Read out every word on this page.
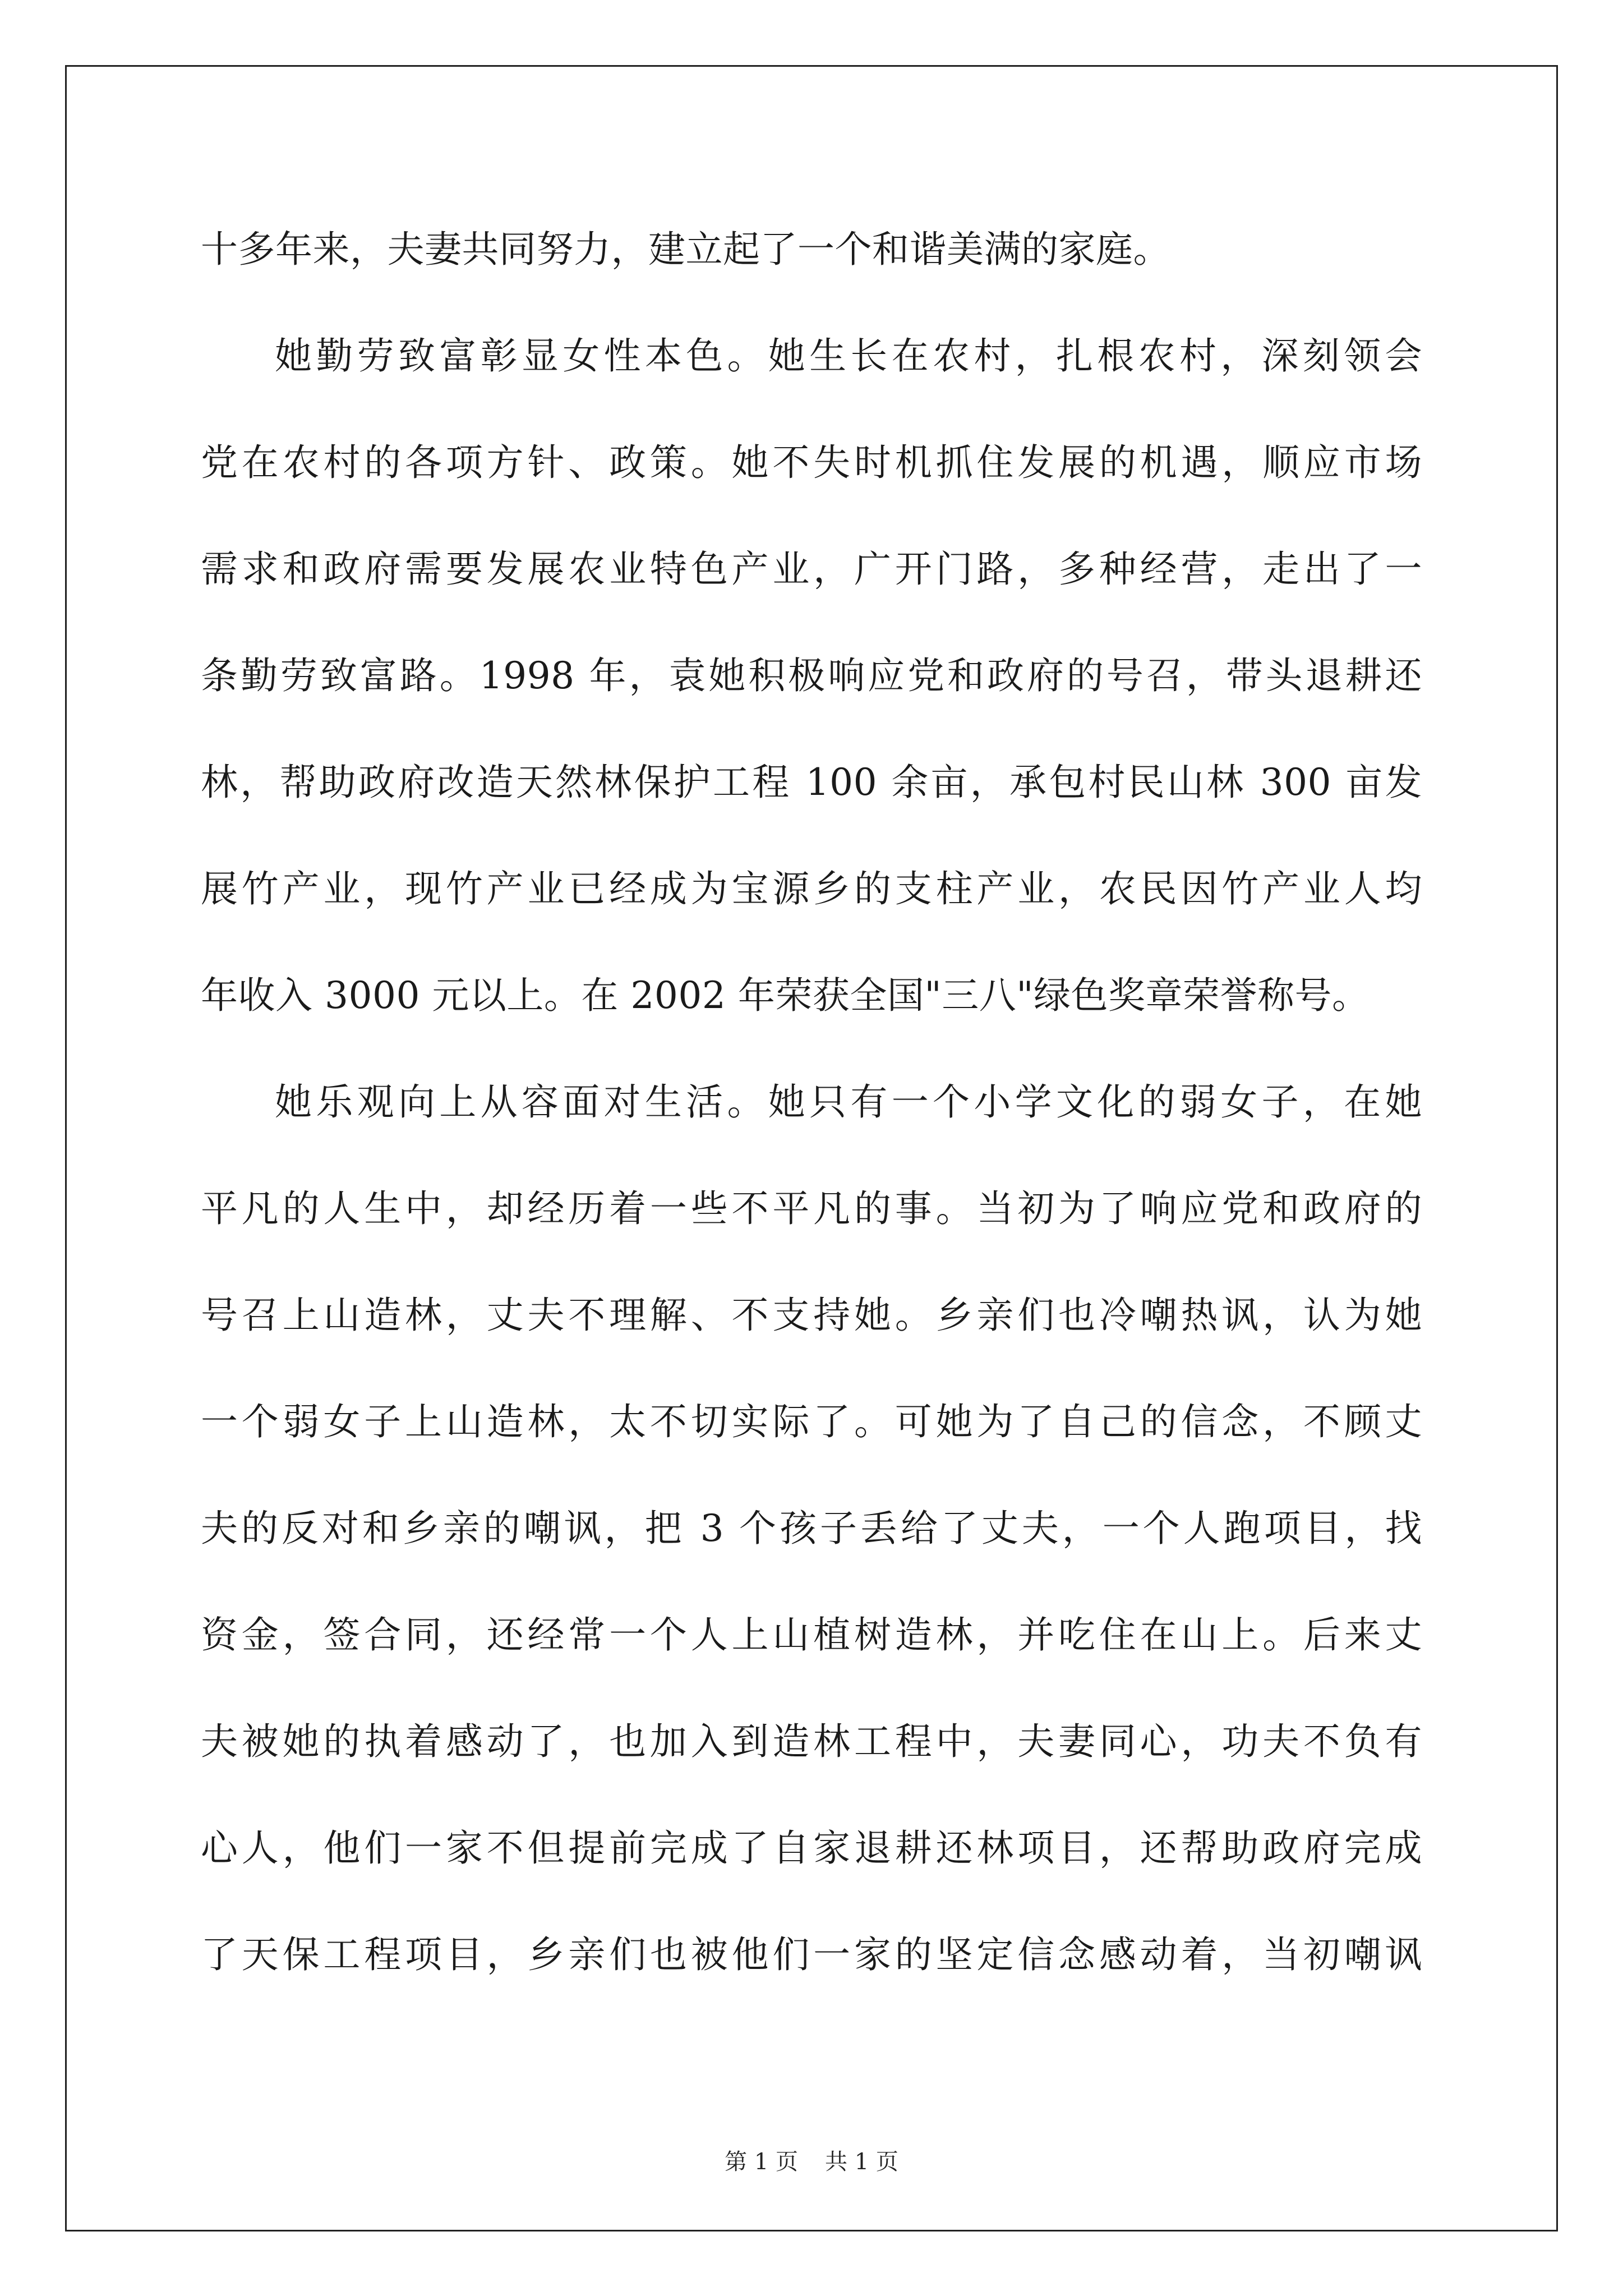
十多年来，夫妻共同努力，建立起了一个和谐美满的家庭。
她勤劳致富彰显女性本色。她生长在农村，扎根农村，深刻领会
党在农村的各项方针、政策。她不失时机抓住发展的机遇，顺应市场
需求和政府需要发展农业特色产业，广开门路，多种经营，走出了一
条勤劳致富路。1998 年，袁她积极响应党和政府的号召，带头退耕还
林，帮助政府改造天然林保护工程 100 余亩，承包村民山林 300 亩发
展竹产业，现竹产业已经成为宝源乡的支柱产业，农民因竹产业人均
年收入 3000 元以上。在 2002 年荣获全国"三八"绿色奖章荣誉称号。
她乐观向上从容面对生活。她只有一个小学文化的弱女子，在她
平凡的人生中，却经历着一些不平凡的事。当初为了响应党和政府的
号召上山造林，丈夫不理解、不支持她。乡亲们也冷嘲热讽，认为她
一个弱女子上山造林，太不切实际了。可她为了自己的信念，不顾丈
夫的反对和乡亲的嘲讽，把 3 个孩子丢给了丈夫，一个人跑项目，找
资金，签合同，还经常一个人上山植树造林，并吃住在山上。后来丈
夫被她的执着感动了，也加入到造林工程中，夫妻同心，功夫不负有
心人，他们一家不但提前完成了自家退耕还林项目，还帮助政府完成
了天保工程项目，乡亲们也被他们一家的坚定信念感动着，当初嘲讽
第 1 页 共 1 页
